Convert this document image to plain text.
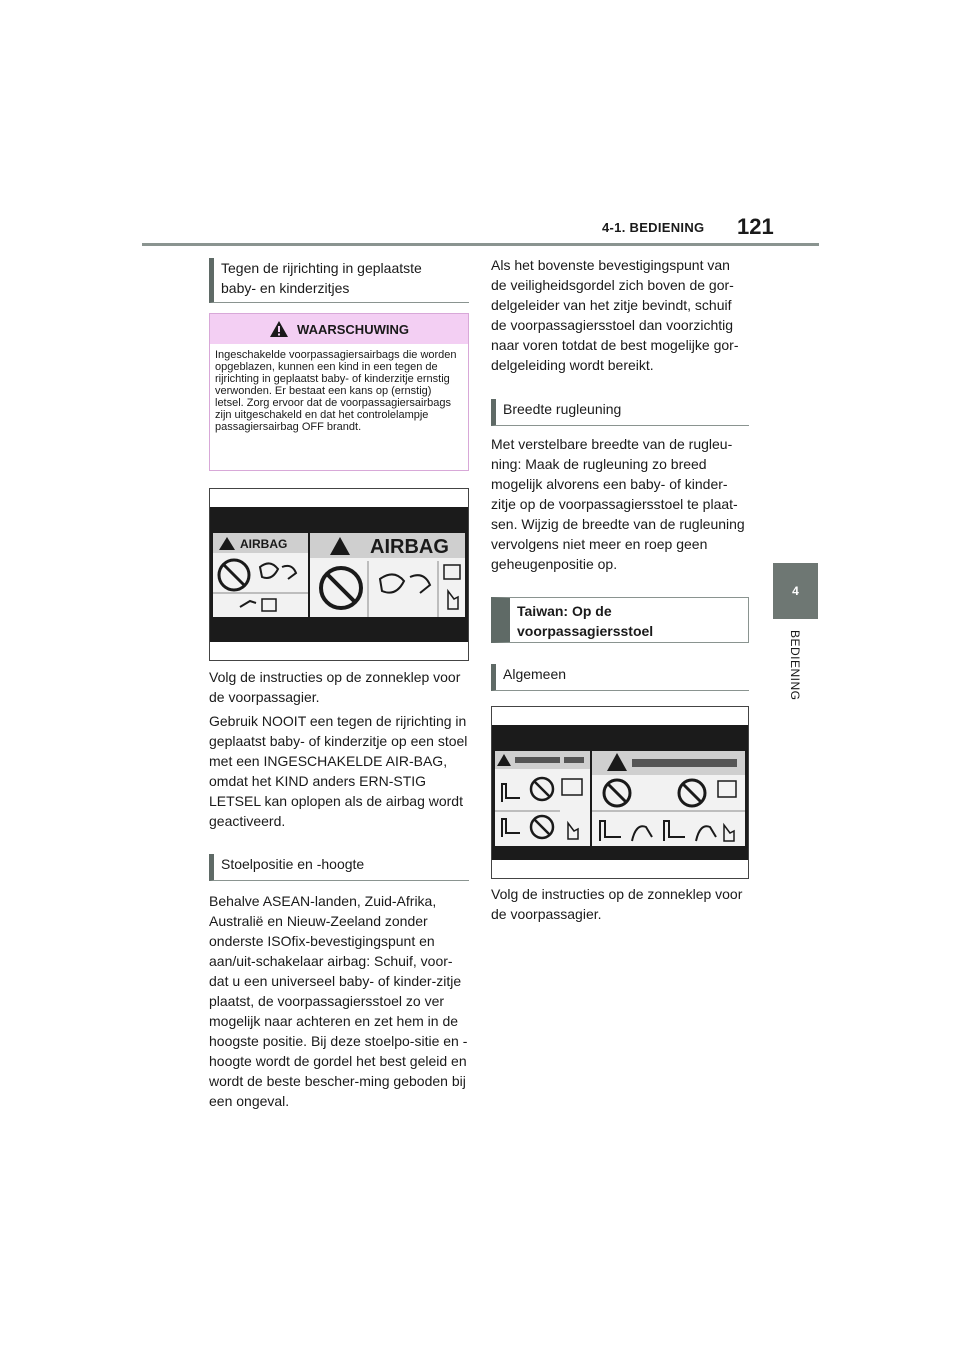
4-1. BEDIENING 121
4
BEDIENING
Tegen de rijrichting in geplaatste baby- en kinderzitjes
WAARSCHUWING
Ingeschakelde voorpassagiersairbags die worden opgeblazen, kunnen een kind in een tegen de rijrichting in geplaatst baby- of kinderzitje ernstig verwonden. Er bestaat een kans op (ernstig) letsel. Zorg ervoor dat de voorpassagiersairbags zijn uitgeschakeld en dat het controlelampje passagiersairbag OFF brandt.
AIRBAG	AIRBAG
Volg de instructies op de zonneklep voor de voorpassagier.
Gebruik NOOIT een tegen de rijrichting in geplaatst baby- of kinderzitje op een stoel met een INGESCHAKELDE AIR-BAG, omdat het KIND anders ERN-STIG LETSEL kan oplopen als de airbag wordt geactiveerd.
Stoelpositie en -hoogte
Behalve ASEAN-landen, Zuid-Afrika, Australië en Nieuw-Zeeland zonder onderste ISOfix-bevestigingspunt en aan/uit-schakelaar airbag: Schuif, voor-dat u een universeel baby- of kinder-zitje plaatst, de voorpassagiersstoel zo ver mogelijk naar achteren en zet hem in de hoogste positie. Bij deze stoelpo-sitie en -hoogte wordt de gordel het best geleid en wordt de beste bescher-ming geboden bij een ongeval.
Als het bovenste bevestigingspunt van de veiligheidsgordel zich boven de gor-delgeleider van het zitje bevindt, schuif de voorpassagiersstoel dan voorzichtig naar voren totdat de best mogelijke gor-delgeleiding wordt bereikt.
Breedte rugleuning
Met verstelbare breedte van de rugleu-ning: Maak de rugleuning zo breed mogelijk alvorens een baby- of kinder-zitje op de voorpassagiersstoel te plaat-sen. Wijzig de breedte van de rugleuning vervolgens niet meer en roep geen geheugenpositie op.
Taiwan: Op de voorpassagiersstoel
Algemeen
Volg de instructies op de zonneklep voor de voorpassagier.
